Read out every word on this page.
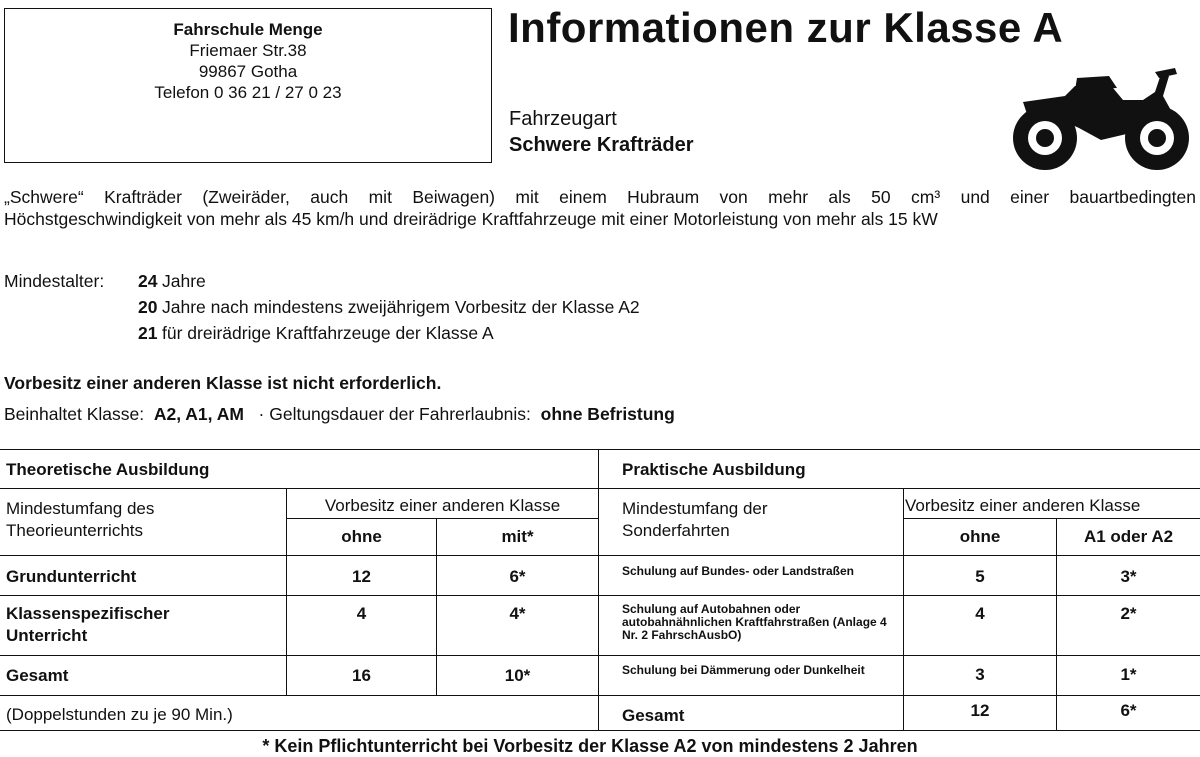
Fahrschule Menge
Friemaer Str.38
99867 Gotha
Telefon 0 36 21 / 27 0 23
Informationen zur Klasse A
Fahrzeugart
Schwere Krafträder
„Schwere“ Krafträder (Zweiräder, auch mit Beiwagen) mit einem Hubraum von mehr als 50 cm³ und einer bauartbedingten
Höchstgeschwindigkeit von mehr als 45 km/h und dreirädrige Kraftfahrzeuge mit einer Motorleistung von mehr als 15 kW
Mindestalter:	24 Jahre
20 Jahre nach mindestens zweijährigem Vorbesitz der Klasse A2
21 für dreirädrige Kraftfahrzeuge der Klasse A
Vorbesitz einer anderen Klasse ist nicht erforderlich.
Beinhaltet Klasse: A2, A1, AM · Geltungsdauer der Fahrerlaubnis: ohne Befristung
Theoretische Ausbildung
Mindestumfang des
Theorieunterrichts
Vorbesitz einer anderen Klasse
ohne	mit*
Grundunterricht	12	6*
Klassenspezifischer
Unterricht
4	4*
Gesamt	16	10*
(Doppelstunden zu je 90 Min.)
Praktische Ausbildung
Mindestumfang der
Sonderfahrten
Vorbesitz einer anderen Klasse
ohne	A1 oder A2
Schulung auf Bundes- oder Landstraßen	5	3*
Schulung auf Autobahnen oder autobahnähnlichen Kraftfahrstraßen (Anlage 4 Nr. 2 FahrschAusbO)
4	2*
Schulung bei Dämmerung oder Dunkelheit	3	1*
Gesamt	12	6*
* Kein Pflichtunterricht bei Vorbesitz der Klasse A2 von mindestens 2 Jahren
